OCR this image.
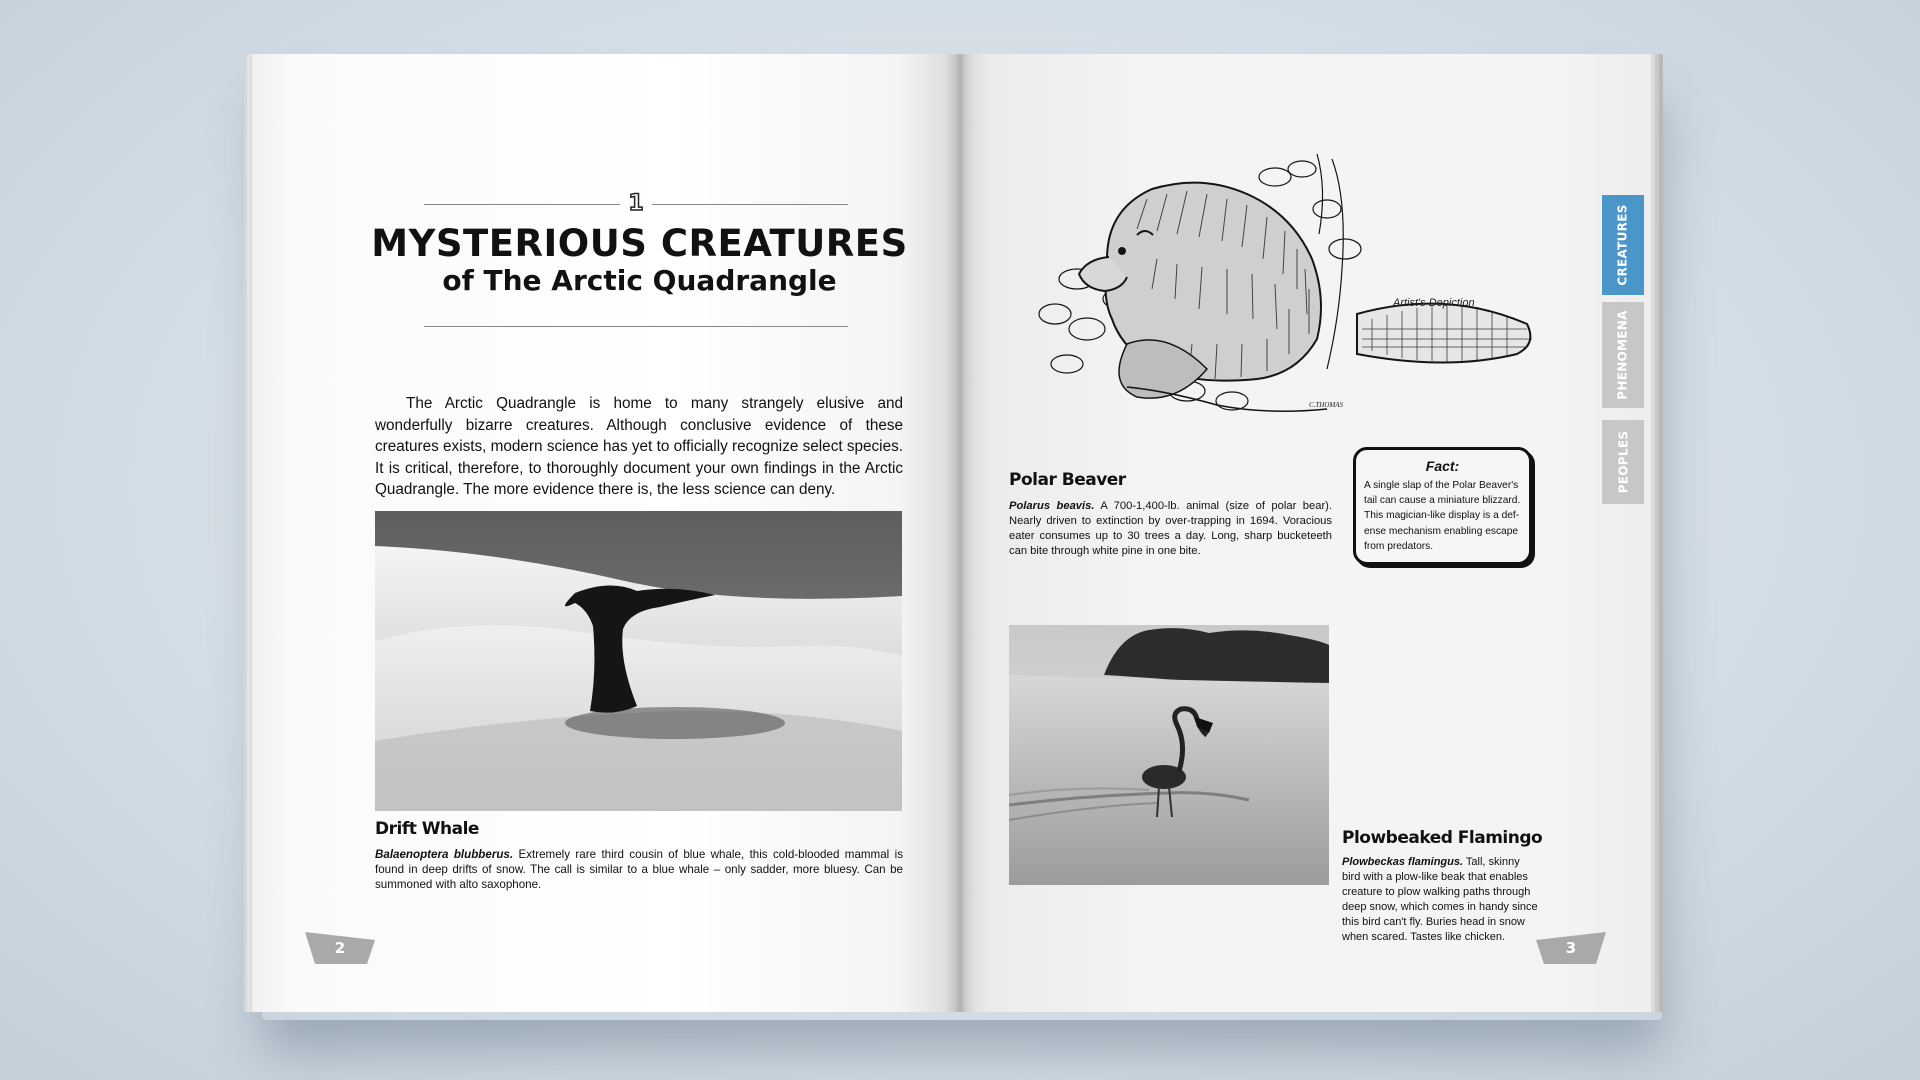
1
MYSTERIOUS CREATURES
of The Arctic Quadrangle

The Arctic Quadrangle is home to many strangely elusive and wonderfully bizarre creatures. Although conclusive evidence of these creatures exists, modern science has yet to officially recognize select species. It is critical, therefore, to thoroughly document your own findings in the Arctic Quadrangle. The more evidence there is, the less science can deny.

Drift Whale

Balaenoptera blubberus. Extremely rare third cousin of blue whale, this cold-blooded mammal is found in deep drifts of snow. The call is similar to a blue whale – only sadder, more bluesy. Can be summoned with alto saxophone.

2
C.THOMAS
Artist's Depiction
Polar Beaver

Polarus beavis. A 700-1,400-lb. animal (size of polar bear). Nearly driven to extinction by over-trapping in 1694. Voracious eater consumes up to 30 trees a day. Long, sharp bucketeeth can bite through white pine in one bite.

Fact:

A single slap of the Polar Beaver's tail can cause a miniature blizzard. This magician-like display is a def-ense mechanism enabling escape from predators.

Plowbeaked Flamingo

Plowbeckas flamingus. Tall, skinny bird with a plow-like beak that enables creature to plow walking paths through deep snow, which comes in handy since this bird can't fly. Buries head in snow when scared. Tastes like chicken.

CREATURES
PHENOMENA
PEOPLES
3
